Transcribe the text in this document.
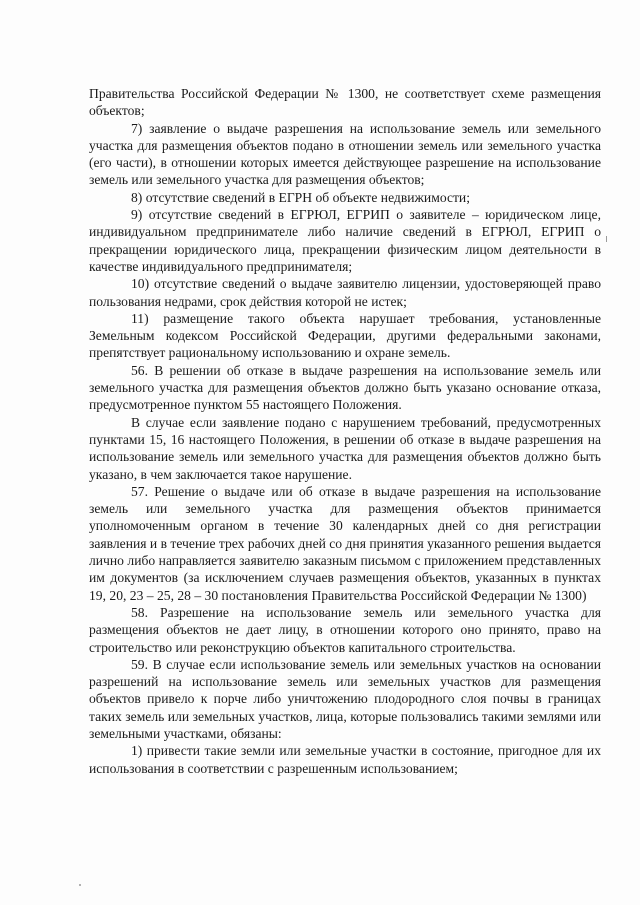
Правительства Российской Федерации № 1300, не соответствует схеме размещения объектов;

7) заявление о выдаче разрешения на использование земель или земельного участка для размещения объектов подано в отношении земель или земельного участка (его части), в отношении которых имеется действующее разрешение на использование земель или земельного участка для размещения объектов;

8) отсутствие сведений в ЕГРН об объекте недвижимости;

9) отсутствие сведений в ЕГРЮЛ, ЕГРИП о заявителе – юридическом лице, индивидуальном предпринимателе либо наличие сведений в ЕГРЮЛ, ЕГРИП о прекращении юридического лица, прекращении физическим лицом деятельности в качестве индивидуального предпринимателя;

10) отсутствие сведений о выдаче заявителю лицензии, удостоверяющей право пользования недрами, срок действия которой не истек;

11) размещение такого объекта нарушает требования, установленные Земельным кодексом Российской Федерации, другими федеральными законами, препятствует рациональному использованию и охране земель.

56. В решении об отказе в выдаче разрешения на использование земель или земельного участка для размещения объектов должно быть указано основание отказа, предусмотренное пунктом 55 настоящего Положения.

В случае если заявление подано с нарушением требований, предусмотренных пунктами 15, 16 настоящего Положения, в решении об отказе в выдаче разрешения на использование земель или земельного участка для размещения объектов должно быть указано, в чем заключается такое нарушение.

57. Решение о выдаче или об отказе в выдаче разрешения на использование земель или земельного участка для размещения объектов принимается уполномоченным органом в течение 30 календарных дней со дня регистрации заявления и в течение трех рабочих дней со дня принятия указанного решения выдается лично либо направляется заявителю заказным письмом с приложением представленных им документов (за исключением случаев размещения объектов, указанных в пунктах 19, 20, 23 – 25, 28 – 30 постановления Правительства Российской Федерации № 1300)

58. Разрешение на использование земель или земельного участка для размещения объектов не дает лицу, в отношении которого оно принято, право на строительство или реконструкцию объектов капитального строительства.

59. В случае если использование земель или земельных участков на основании разрешений на использование земель или земельных участков для размещения объектов привело к порче либо уничтожению плодородного слоя почвы в границах таких земель или земельных участков, лица, которые пользовались такими землями или земельными участками, обязаны:

1) привести такие земли или земельные участки в состояние, пригодное для их использования в соответствии с разрешенным использованием;
